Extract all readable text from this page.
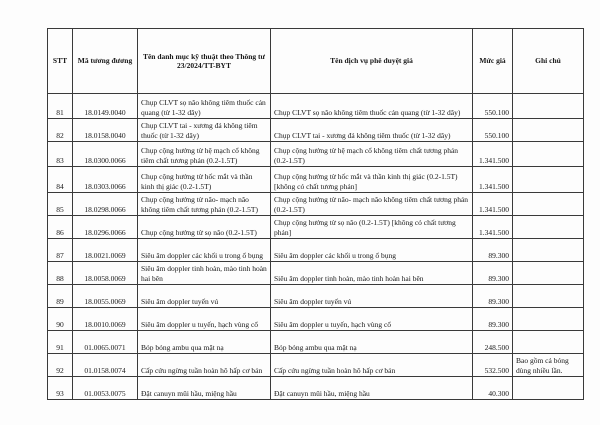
STT	Mã tương đương	Tên danh mục kỹ thuật theo Thông tư 23/2024/TT-BYT	Tên dịch vụ phê duyệt giá	Mức giá	Ghi chú
81	18.0149.0040	Chụp CLVT sọ não không tiêm thuốc cản quang (từ 1-32 dãy)	Chụp CLVT sọ não không tiêm thuốc cản quang (từ 1-32 dãy)	550.100	
82	18.0158.0040	Chụp CLVT tai - xương đá không tiêm thuốc (từ 1-32 dãy)	Chụp CLVT tai - xương đá không tiêm thuốc (từ 1-32 dãy)	550.100	
83	18.0300.0066	Chụp cộng hưởng từ hệ mạch cổ không tiêm chất tương phản (0.2-1.5T)	Chụp cộng hưởng từ hệ mạch cổ không tiêm chất tương phản (0.2-1.5T)	1.341.500	
84	18.0303.0066	Chụp cộng hưởng từ hốc mắt và thần kinh thị giác (0.2-1.5T)	Chụp cộng hưởng từ hốc mắt và thần kinh thị giác (0.2-1.5T) [không có chất tương phản]	1.341.500	
85	18.0298.0066	Chụp cộng hưởng từ não- mạch não không tiêm chất tương phản (0.2-1.5T)	Chụp cộng hưởng từ não- mạch não không tiêm chất tương phản (0.2-1.5T)	1.341.500	
86	18.0296.0066	Chụp cộng hưởng từ sọ não (0.2-1.5T)	Chụp cộng hưởng từ sọ não (0.2-1.5T) [không có chất tương phản]	1.341.500	
87	18.0021.0069	Siêu âm doppler các khối u trong ổ bụng	Siêu âm doppler các khối u trong ổ bụng	89.300	
88	18.0058.0069	Siêu âm doppler tinh hoàn, mào tinh hoàn hai bên	Siêu âm doppler tinh hoàn, mào tinh hoàn hai bên	89.300	
89	18.0055.0069	Siêu âm doppler tuyến vú	Siêu âm doppler tuyến vú	89.300	
90	18.0010.0069	Siêu âm doppler u tuyến, hạch vùng cổ	Siêu âm doppler u tuyến, hạch vùng cổ	89.300	
91	01.0065.0071	Bóp bóng ambu qua mặt nạ	Bóp bóng ambu qua mặt nạ	248.500	
92	01.0158.0074	Cấp cứu ngừng tuần hoàn hô hấp cơ bản	Cấp cứu ngừng tuần hoàn hô hấp cơ bản	532.500	Bao gồm cả bóng dùng nhiều lần.
93	01.0053.0075	Đặt canuyn mũi hầu, miệng hầu	Đặt canuyn mũi hầu, miệng hầu	40.300	
